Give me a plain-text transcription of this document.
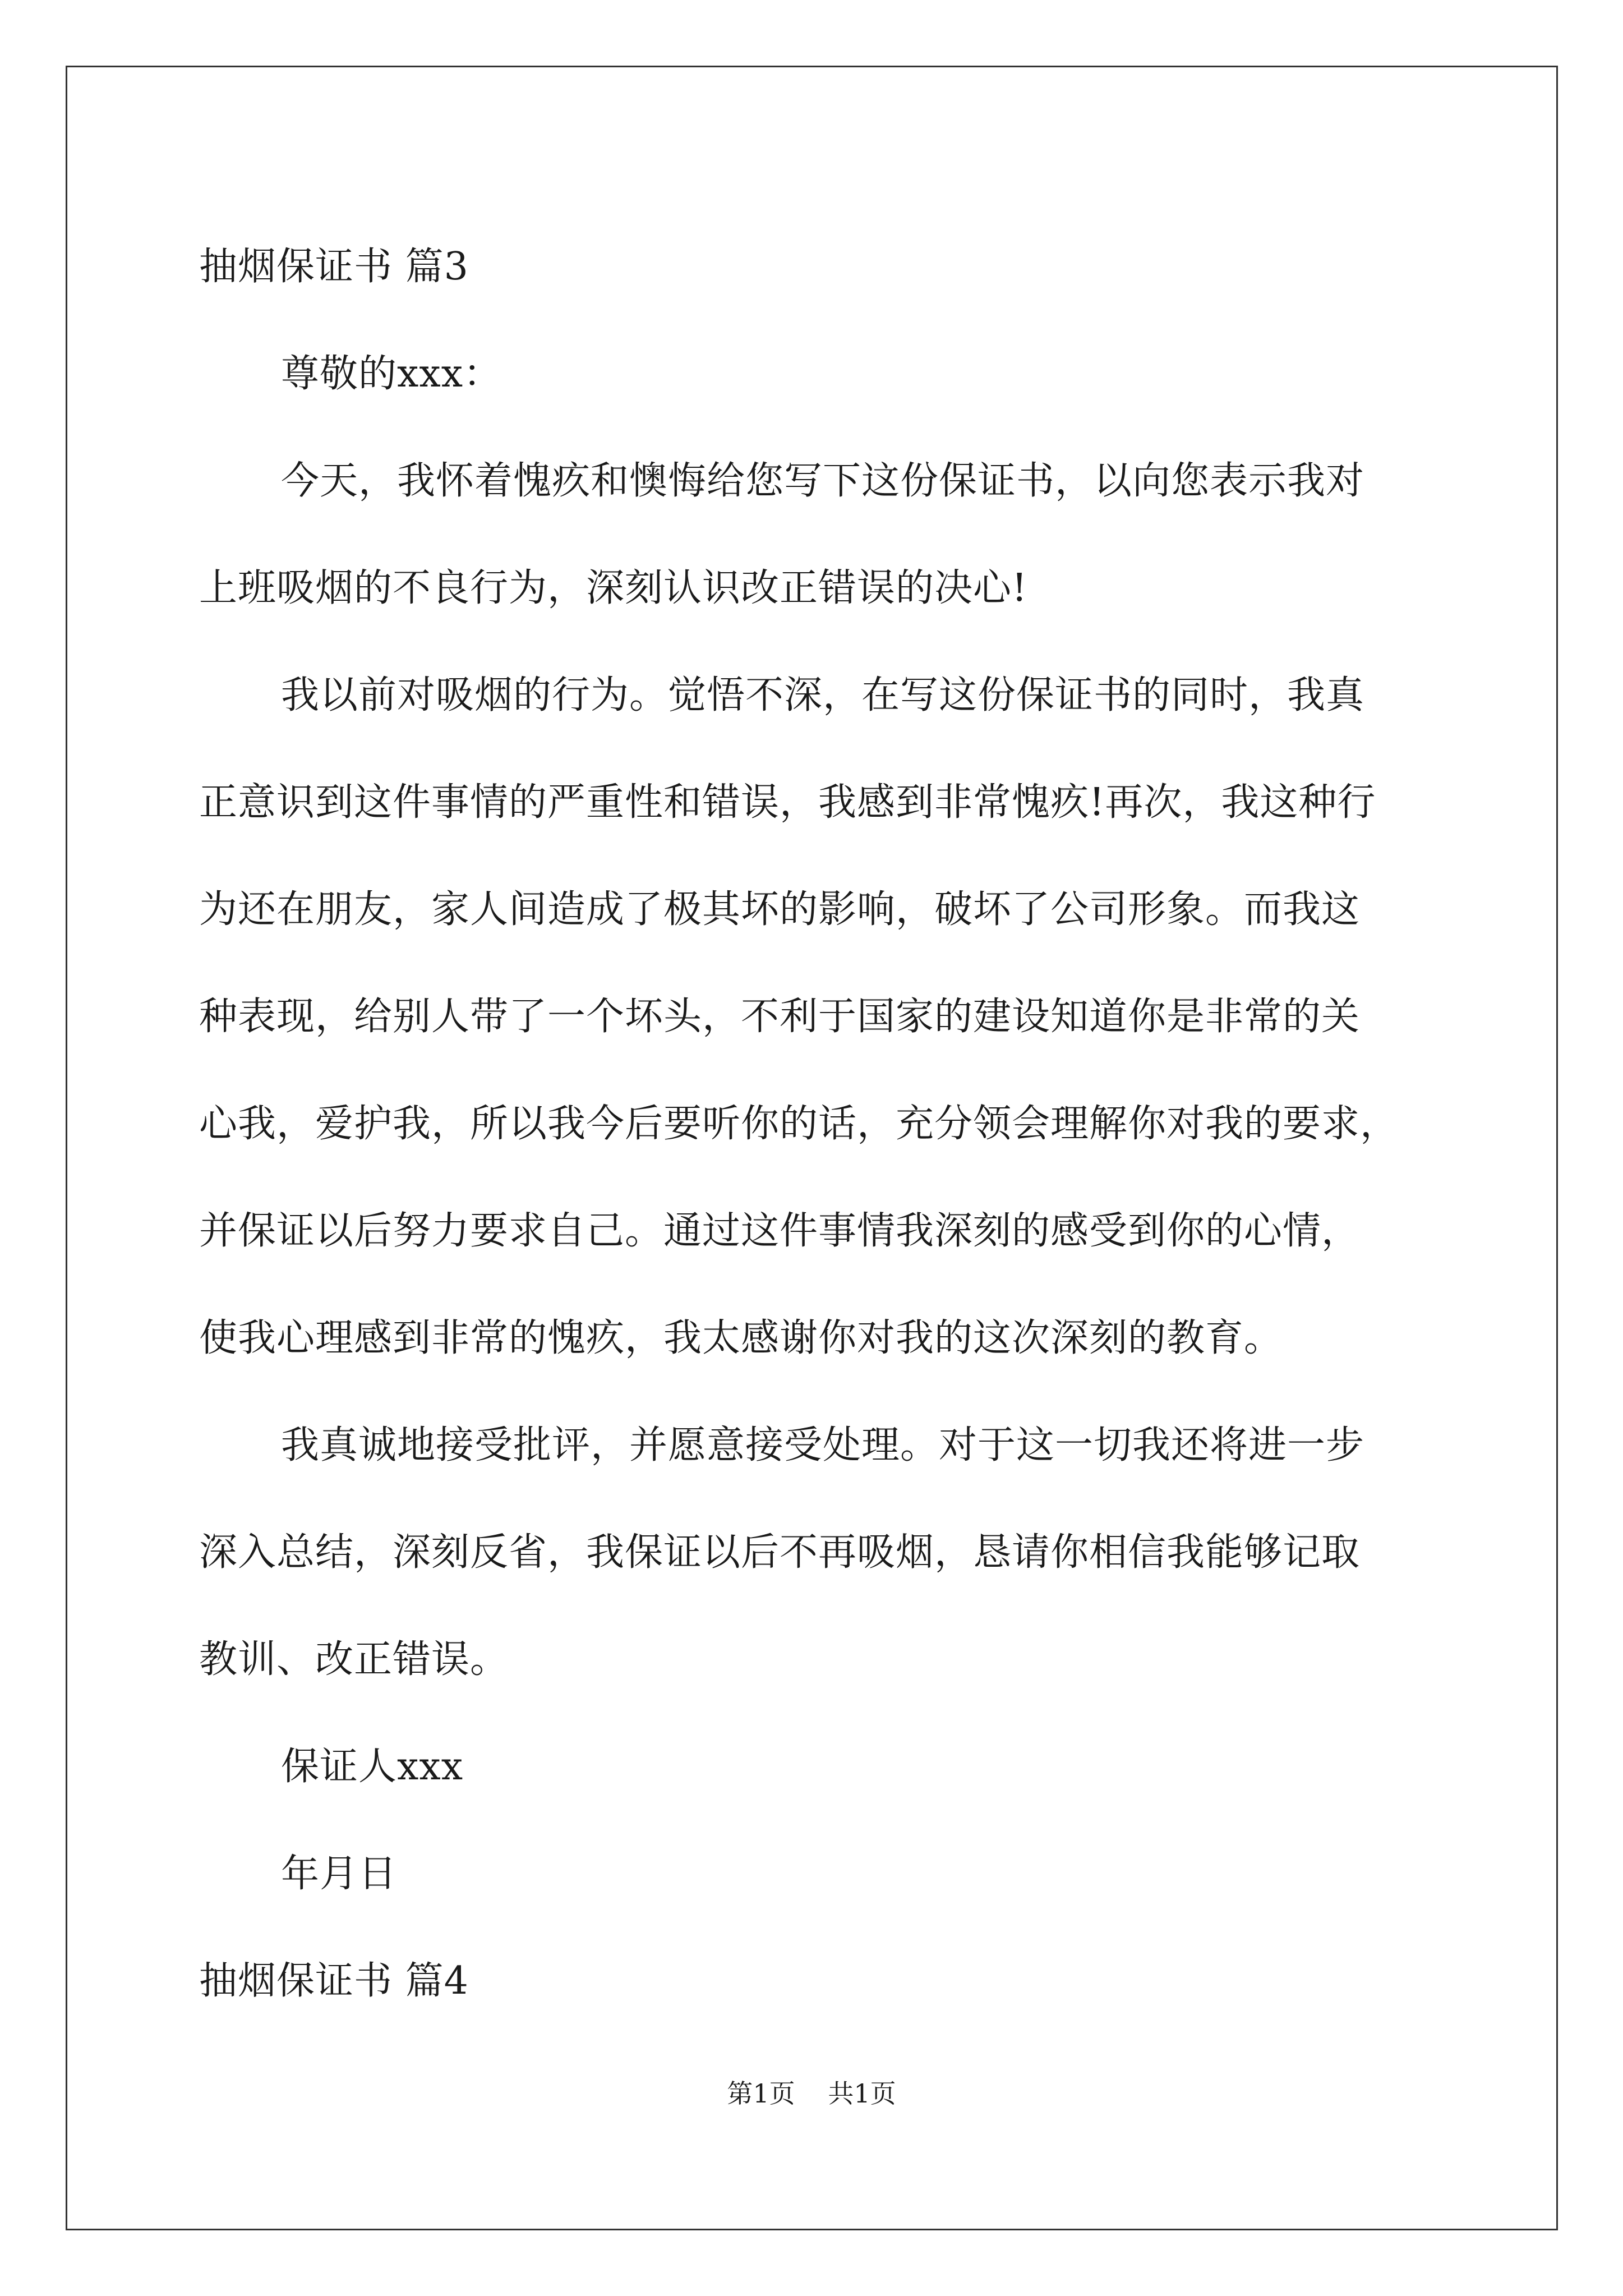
抽烟保证书 篇3

尊敬的xxx：

今天，我怀着愧疚和懊悔给您写下这份保证书，以向您表示我对

上班吸烟的不良行为，深刻认识改正错误的决心!

我以前对吸烟的行为。觉悟不深，在写这份保证书的同时，我真

正意识到这件事情的严重性和错误，我感到非常愧疚!再次，我这种行

为还在朋友，家人间造成了极其坏的影响，破坏了公司形象。而我这

种表现，给别人带了一个坏头，不利于国家的建设知道你是非常的关

心我，爱护我，所以我今后要听你的话，充分领会理解你对我的要求，

并保证以后努力要求自己。通过这件事情我深刻的感受到你的心情，

使我心理感到非常的愧疚，我太感谢你对我的这次深刻的教育。

我真诚地接受批评，并愿意接受处理。对于这一切我还将进一步

深入总结，深刻反省，我保证以后不再吸烟，恳请你相信我能够记取

教训、改正错误。

保证人xxx

年月日

抽烟保证书 篇4

第1页 共1页
